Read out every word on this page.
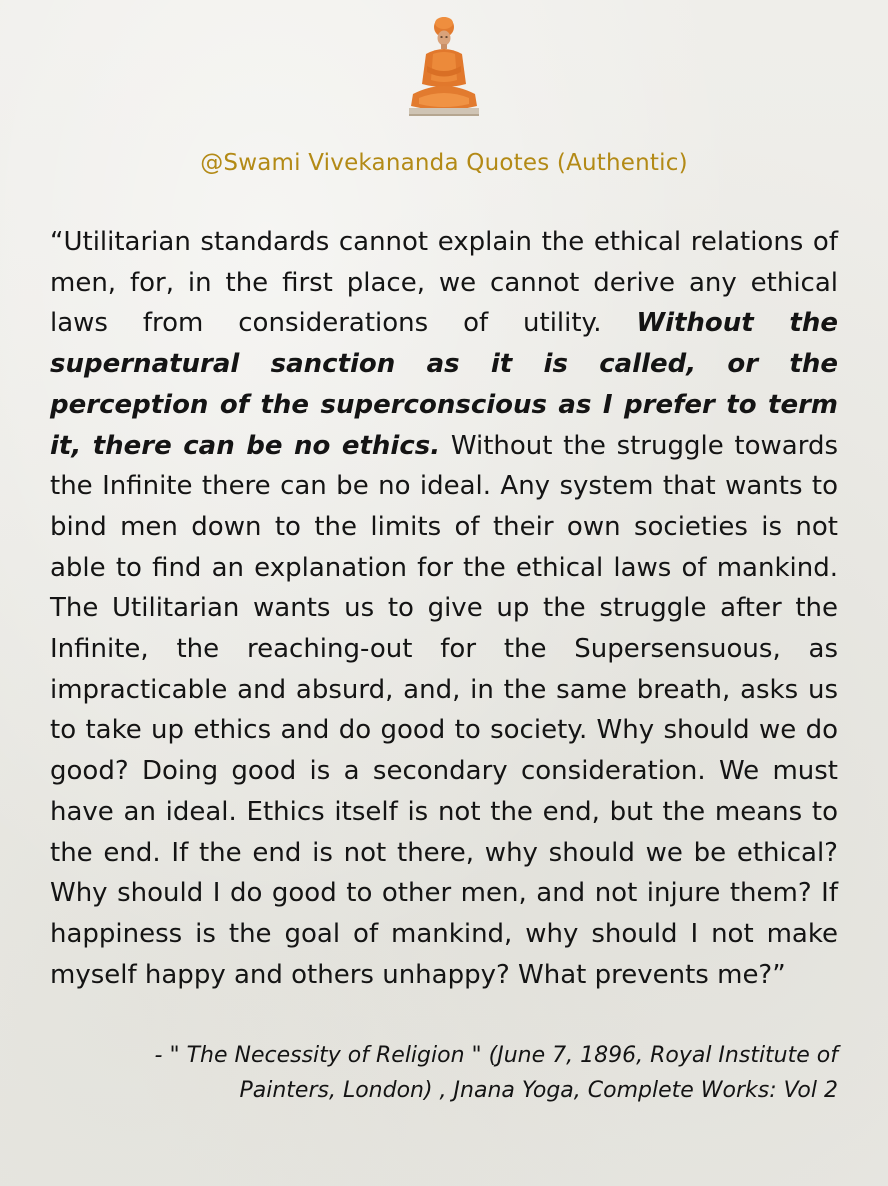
@Swami Vivekananda Quotes (Authentic)

“Utilitarian standards cannot explain the ethical relations of men, for, in the first place, we cannot derive any ethical laws from considerations of utility. Without the supernatural sanction as it is called, or the perception of the superconscious as I prefer to term it, there can be no ethics. Without the struggle towards the Infinite there can be no ideal. Any system that wants to bind men down to the limits of their own societies is not able to find an explanation for the ethical laws of mankind. The Utilitarian wants us to give up the struggle after the Infinite, the reaching-out for the Supersensuous, as impracticable and absurd, and, in the same breath, asks us to take up ethics and do good to society. Why should we do good? Doing good is a secondary consideration. We must have an ideal. Ethics itself is not the end, but the means to the end. If the end is not there, why should we be ethical? Why should I do good to other men, and not injure them? If happiness is the goal of mankind, why should I not make myself happy and others unhappy? What prevents me?”

- " The Necessity of Religion " (June 7, 1896, Royal Institute of Painters, London) , Jnana Yoga, Complete Works: Vol 2
